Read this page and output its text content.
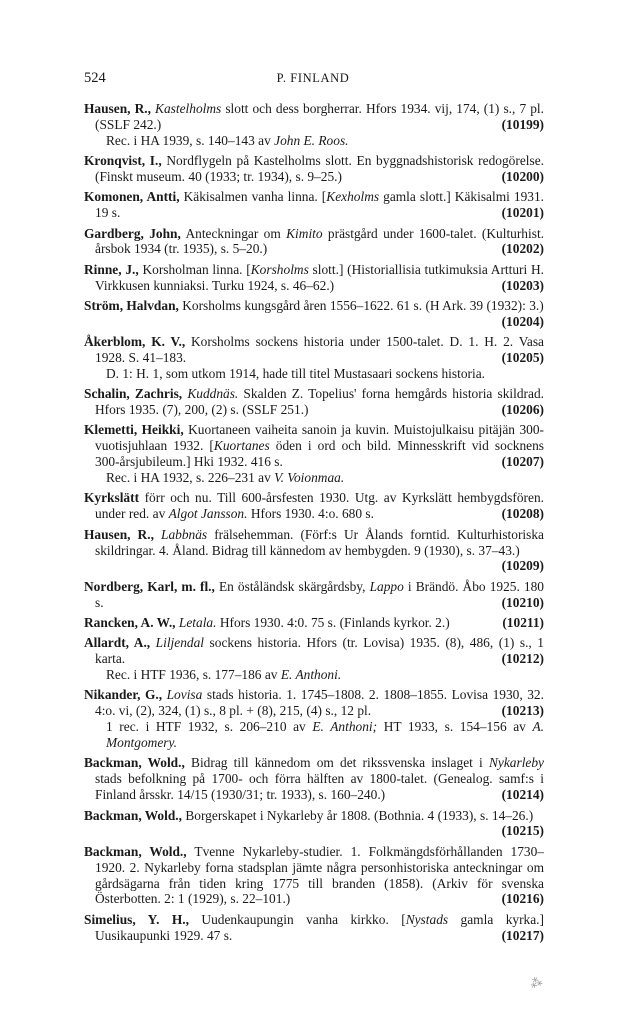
524	P. FINLAND
Hausen, R., Kastelholms slott och dess borgherrar. Hfors 1934. vij, 174, (1) s., 7 pl. (SSLF 242.)	(10199)
Rec. i HA 1939, s. 140–143 av John E. Roos.
Kronqvist, I., Nordflygeln på Kastelholms slott. En byggnadshistorisk redogörelse. (Finskt museum. 40 (1933; tr. 1934), s. 9–25.)	(10200)
Komonen, Antti, Käkisalmen vanha linna. [Kexholms gamla slott.] Käkisalmi 1931. 19 s.	(10201)
Gardberg, John, Anteckningar om Kimito prästgård under 1600-talet. (Kulturhist. årsbok 1934 (tr. 1935), s. 5–20.)	(10202)
Rinne, J., Korsholman linna. [Korsholms slott.] (Historiallisia tutkimuksia Artturi H. Virkkusen kunniaksi. Turku 1924, s. 46–62.)	(10203)
Ström, Halvdan, Korsholms kungsgård åren 1556–1622. 61 s. (H Ark. 39 (1932): 3.)
(10204)
Åkerblom, K. V., Korsholms sockens historia under 1500-talet. D. 1. H. 2. Vasa 1928. S. 41–183.	(10205)
D. 1: H. 1, som utkom 1914, hade till titel Mustasaari sockens historia.
Schalin, Zachris, Kuddnäs. Skalden Z. Topelius' forna hemgårds historia skildrad. Hfors 1935. (7), 200, (2) s. (SSLF 251.)	(10206)
Klemetti, Heikki, Kuortaneen vaiheita sanoin ja kuvin. Muistojulkaisu pitäjän 300-vuotisjuhlaan 1932. [Kuortanes öden i ord och bild. Minnesskrift vid socknens 300-årsjubileum.] Hki 1932. 416 s.	(10207)
Rec. i HA 1932, s. 226–231 av V. Voionmaa.
Kyrkslätt förr och nu. Till 600-årsfesten 1930. Utg. av Kyrkslätt hembygdsfören. under red. av Algot Jansson. Hfors 1930. 4:o. 680 s.	(10208)
Hausen, R., Labbnäs frälsehemman. (Förf:s Ur Ålands forntid. Kulturhistoriska skildringar. 4. Åland. Bidrag till kännedom av hembygden. 9 (1930), s. 37–43.)
(10209)
Nordberg, Karl, m. fl., En öståländsk skärgårdsby, Lappo i Brändö. Åbo 1925. 180 s.	(10210)
Rancken, A. W., Letala. Hfors 1930. 4:0. 75 s. (Finlands kyrkor. 2.)	(10211)
Allardt, A., Liljendal sockens historia. Hfors (tr. Lovisa) 1935. (8), 486, (1) s., 1 karta.	(10212)
Rec. i HTF 1936, s. 177–186 av E. Anthoni.
Nikander, G., Lovisa stads historia. 1. 1745–1808. 2. 1808–1855. Lovisa 1930, 32. 4:o. vi, (2), 324, (1) s., 8 pl. + (8), 215, (4) s., 12 pl.	(10213)
1 rec. i HTF 1932, s. 206–210 av E. Anthoni; HT 1933, s. 154–156 av A. Montgomery.
Backman, Wold., Bidrag till kännedom om det rikssvenska inslaget i Nykarleby stads befolkning på 1700- och förra hälften av 1800-talet. (Genealog. samf:s i Finland årsskr. 14/15 (1930/31; tr. 1933), s. 160–240.)	(10214)
Backman, Wold., Borgerskapet i Nykarleby år 1808. (Bothnia. 4 (1933), s. 14–26.)
(10215)
Backman, Wold., Tvenne Nykarleby-studier. 1. Folkmängdsförhållanden 1730–1920. 2. Nykarleby forna stadsplan jämte några personhistoriska anteckningar om gårdsägarna från tiden kring 1775 till branden (1858). (Arkiv för svenska Österbotten. 2: 1 (1929), s. 22–101.)	(10216)
Simelius, Y. H., Uudenkaupungin vanha kirkko. [Nystads gamla kyrka.] Uusikaupunki 1929. 47 s.	(10217)
⁂
